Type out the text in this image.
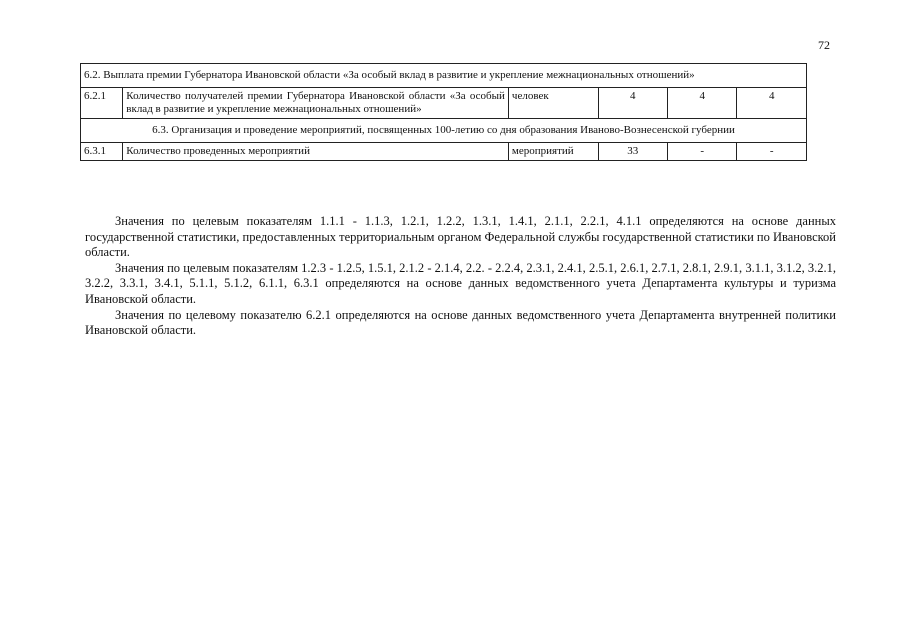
72
6.2. Выплата премии Губернатора Ивановской области «За особый вклад в развитие и укрепление межнациональных отношений»					
6.2.1	Количество получателей премии Губернатора Ивановской области «За особый вклад в развитие и укрепление межнациональных отношений»	человек	4	4	4
6.3. Организация и проведение мероприятий, посвященных 100-летию со дня образования Иваново-Вознесенской губернии					
6.3.1	Количество проведенных мероприятий	мероприятий	33	-	-

Значения по целевым показателям 1.1.1 - 1.1.3, 1.2.1, 1.2.2, 1.3.1, 1.4.1, 2.1.1, 2.2.1, 4.1.1 определяются на основе данных государственной статистики, предоставленных территориальным органом Федеральной службы государственной статистики по Ивановской области.

Значения по целевым показателям 1.2.3 - 1.2.5, 1.5.1, 2.1.2 - 2.1.4, 2.2. - 2.2.4, 2.3.1, 2.4.1, 2.5.1, 2.6.1, 2.7.1, 2.8.1, 2.9.1, 3.1.1, 3.1.2, 3.2.1, 3.2.2, 3.3.1, 3.4.1, 5.1.1, 5.1.2, 6.1.1, 6.3.1 определяются на основе данных ведомственного учета Департамента культуры и туризма Ивановской области.

Значения по целевому показателю 6.2.1 определяются на основе данных ведомственного учета Департамента внутренней политики Ивановской области.
